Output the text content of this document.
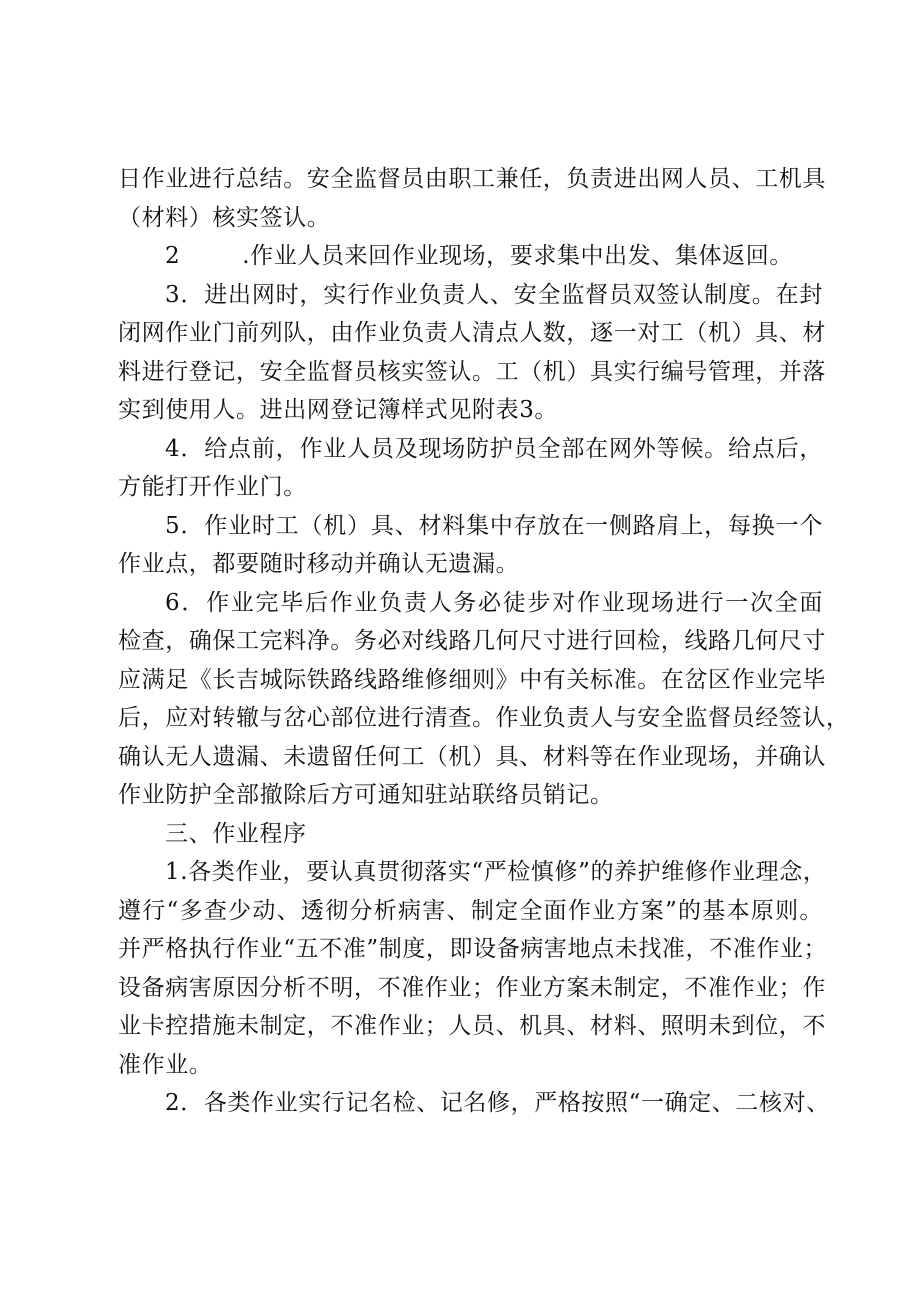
日作业进行总结。安全监督员由职工兼任，负责进出网人员、工机具
（材料）核实签认。
2	.作业人员来回作业现场，要求集中出发、集体返回。
3．进出网时，实行作业负责人、安全监督员双签认制度。在封
闭网作业门前列队，由作业负责人清点人数，逐一对工（机）具、材
料进行登记，安全监督员核实签认。工（机）具实行编号管理，并落
实到使用人。进出网登记簿样式见附表3。
4．给点前，作业人员及现场防护员全部在网外等候。给点后，
方能打开作业门。
5．作业时工（机）具、材料集中存放在一侧路肩上，每换一个
作业点，都要随时移动并确认无遗漏。
6．作业完毕后作业负责人务必徒步对作业现场进行一次全面
检查，确保工完料净。务必对线路几何尺寸进行回检，线路几何尺寸
应满足《长吉城际铁路线路维修细则》中有关标准。在岔区作业完毕
后，应对转辙与岔心部位进行清查。作业负责人与安全监督员经签认，
确认无人遗漏、未遗留任何工（机）具、材料等在作业现场，并确认
作业防护全部撤除后方可通知驻站联络员销记。
三、作业程序
1.各类作业，要认真贯彻落实“严检慎修”的养护维修作业理念，
遵行“多查少动、透彻分析病害、制定全面作业方案”的基本原则。
并严格执行作业“五不准”制度，即设备病害地点未找准，不准作业；
设备病害原因分析不明，不准作业；作业方案未制定，不准作业；作
业卡控措施未制定，不准作业；人员、机具、材料、照明未到位，不
准作业。
2．各类作业实行记名检、记名修，严格按照“一确定、二核对、
